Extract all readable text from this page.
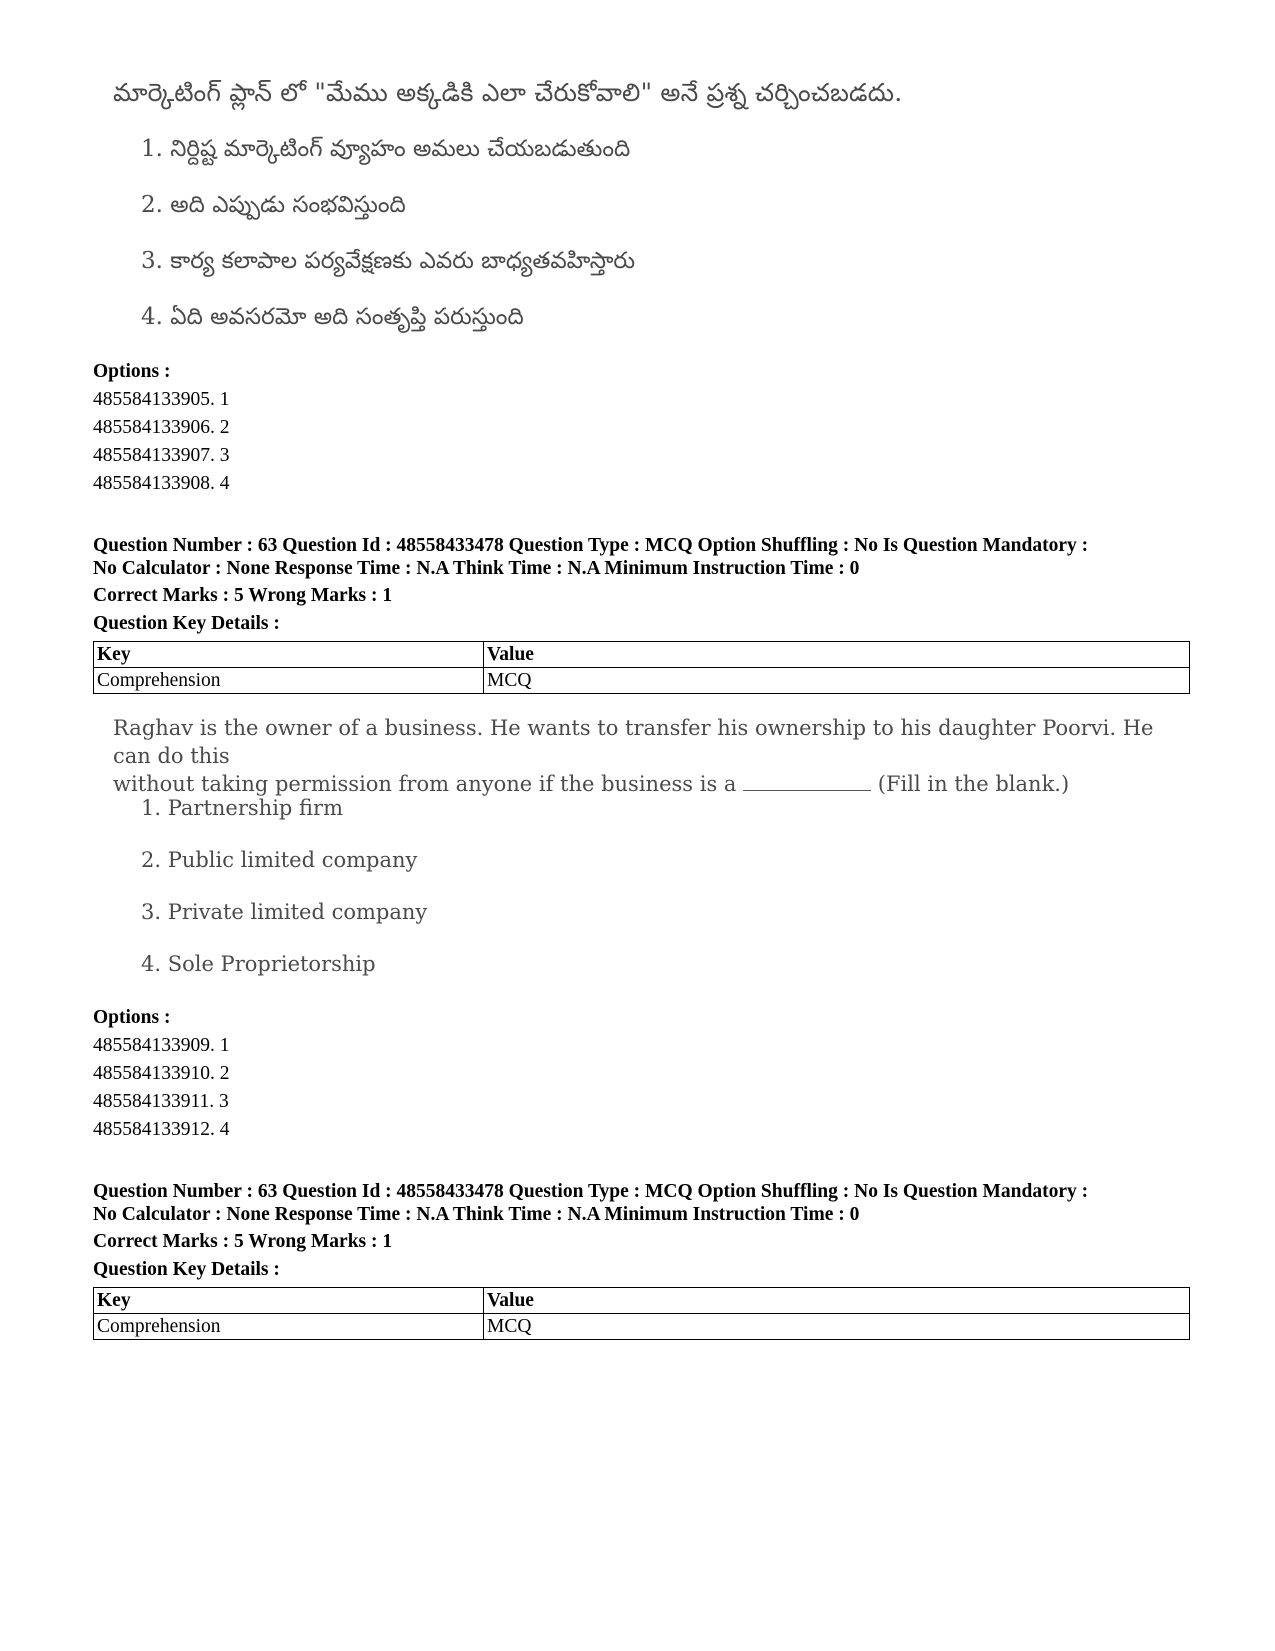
మార్కెటింగ్ ప్లాన్ లో "మేము అక్కడికి ఎలా చేరుకోవాలి" అనే ప్రశ్న చర్చించబడదు.
1. నిర్దిష్ట మార్కెటింగ్ వ్యూహం అమలు చేయబడుతుంది
2. అది ఎప్పుడు సంభవిస్తుంది
3. కార్య కలాపాల పర్యవేక్షణకు ఎవరు బాధ్యతవహిస్తారు
4. ఏది అవసరమో అది సంతృప్తి పరుస్తుంది
Options :
485584133905. 1
485584133906. 2
485584133907. 3
485584133908. 4
Question Number : 63 Question Id : 48558433478 Question Type : MCQ Option Shuffling : No Is Question Mandatory :
No Calculator : None Response Time : N.A Think Time : N.A Minimum Instruction Time : 0
Correct Marks : 5 Wrong Marks : 1
Question Key Details :
Key	Value
Comprehension	MCQ
Raghav is the owner of a business. He wants to transfer his ownership to his daughter Poorvi. He can do this
without taking permission from anyone if the business is a	(Fill in the blank.)
1. Partnership firm
2. Public limited company
3. Private limited company
4. Sole Proprietorship
Options :
485584133909. 1
485584133910. 2
485584133911. 3
485584133912. 4
Question Number : 63 Question Id : 48558433478 Question Type : MCQ Option Shuffling : No Is Question Mandatory :
No Calculator : None Response Time : N.A Think Time : N.A Minimum Instruction Time : 0
Correct Marks : 5 Wrong Marks : 1
Question Key Details :
Key	Value
Comprehension	MCQ
